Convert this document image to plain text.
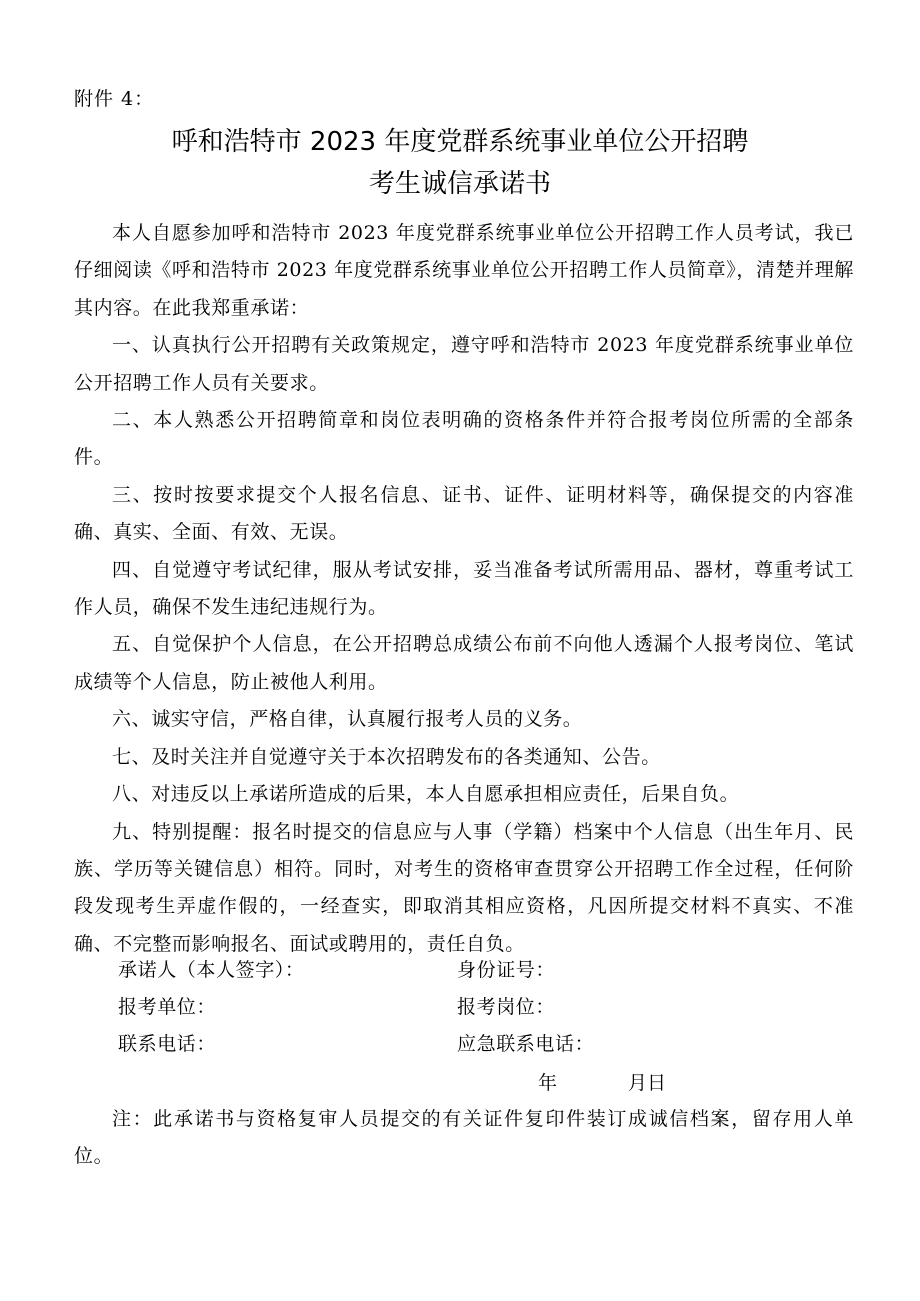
附件 4：
呼和浩特市 2023 年度党群系统事业单位公开招聘
考生诚信承诺书

本人自愿参加呼和浩特市 2023 年度党群系统事业单位公开招聘工作人员考试，我已仔细阅读《呼和浩特市 2023 年度党群系统事业单位公开招聘工作人员简章》，清楚并理解其内容。在此我郑重承诺：

一、认真执行公开招聘有关政策规定，遵守呼和浩特市 2023 年度党群系统事业单位公开招聘工作人员有关要求。

二、本人熟悉公开招聘简章和岗位表明确的资格条件并符合报考岗位所需的全部条件。

三、按时按要求提交个人报名信息、证书、证件、证明材料等，确保提交的内容准确、真实、全面、有效、无误。

四、自觉遵守考试纪律，服从考试安排，妥当准备考试所需用品、器材，尊重考试工作人员，确保不发生违纪违规行为。

五、自觉保护个人信息，在公开招聘总成绩公布前不向他人透漏个人报考岗位、笔试成绩等个人信息，防止被他人利用。

六、诚实守信，严格自律，认真履行报考人员的义务。

七、及时关注并自觉遵守关于本次招聘发布的各类通知、公告。

八、对违反以上承诺所造成的后果，本人自愿承担相应责任，后果自负。

九、特别提醒：报名时提交的信息应与人事（学籍）档案中个人信息（出生年月、民族、学历等关键信息）相符。同时，对考生的资格审查贯穿公开招聘工作全过程，任何阶段发现考生弄虚作假的，一经查实，即取消其相应资格，凡因所提交材料不真实、不准确、不完整而影响报名、面试或聘用的，责任自负。

承诺人（本人签字）：	身份证号：
报考单位：	报考岗位：
联系电话：	应急联系电话：
年	月日

注：此承诺书与资格复审人员提交的有关证件复印件装订成诚信档案，留存用人单位。
